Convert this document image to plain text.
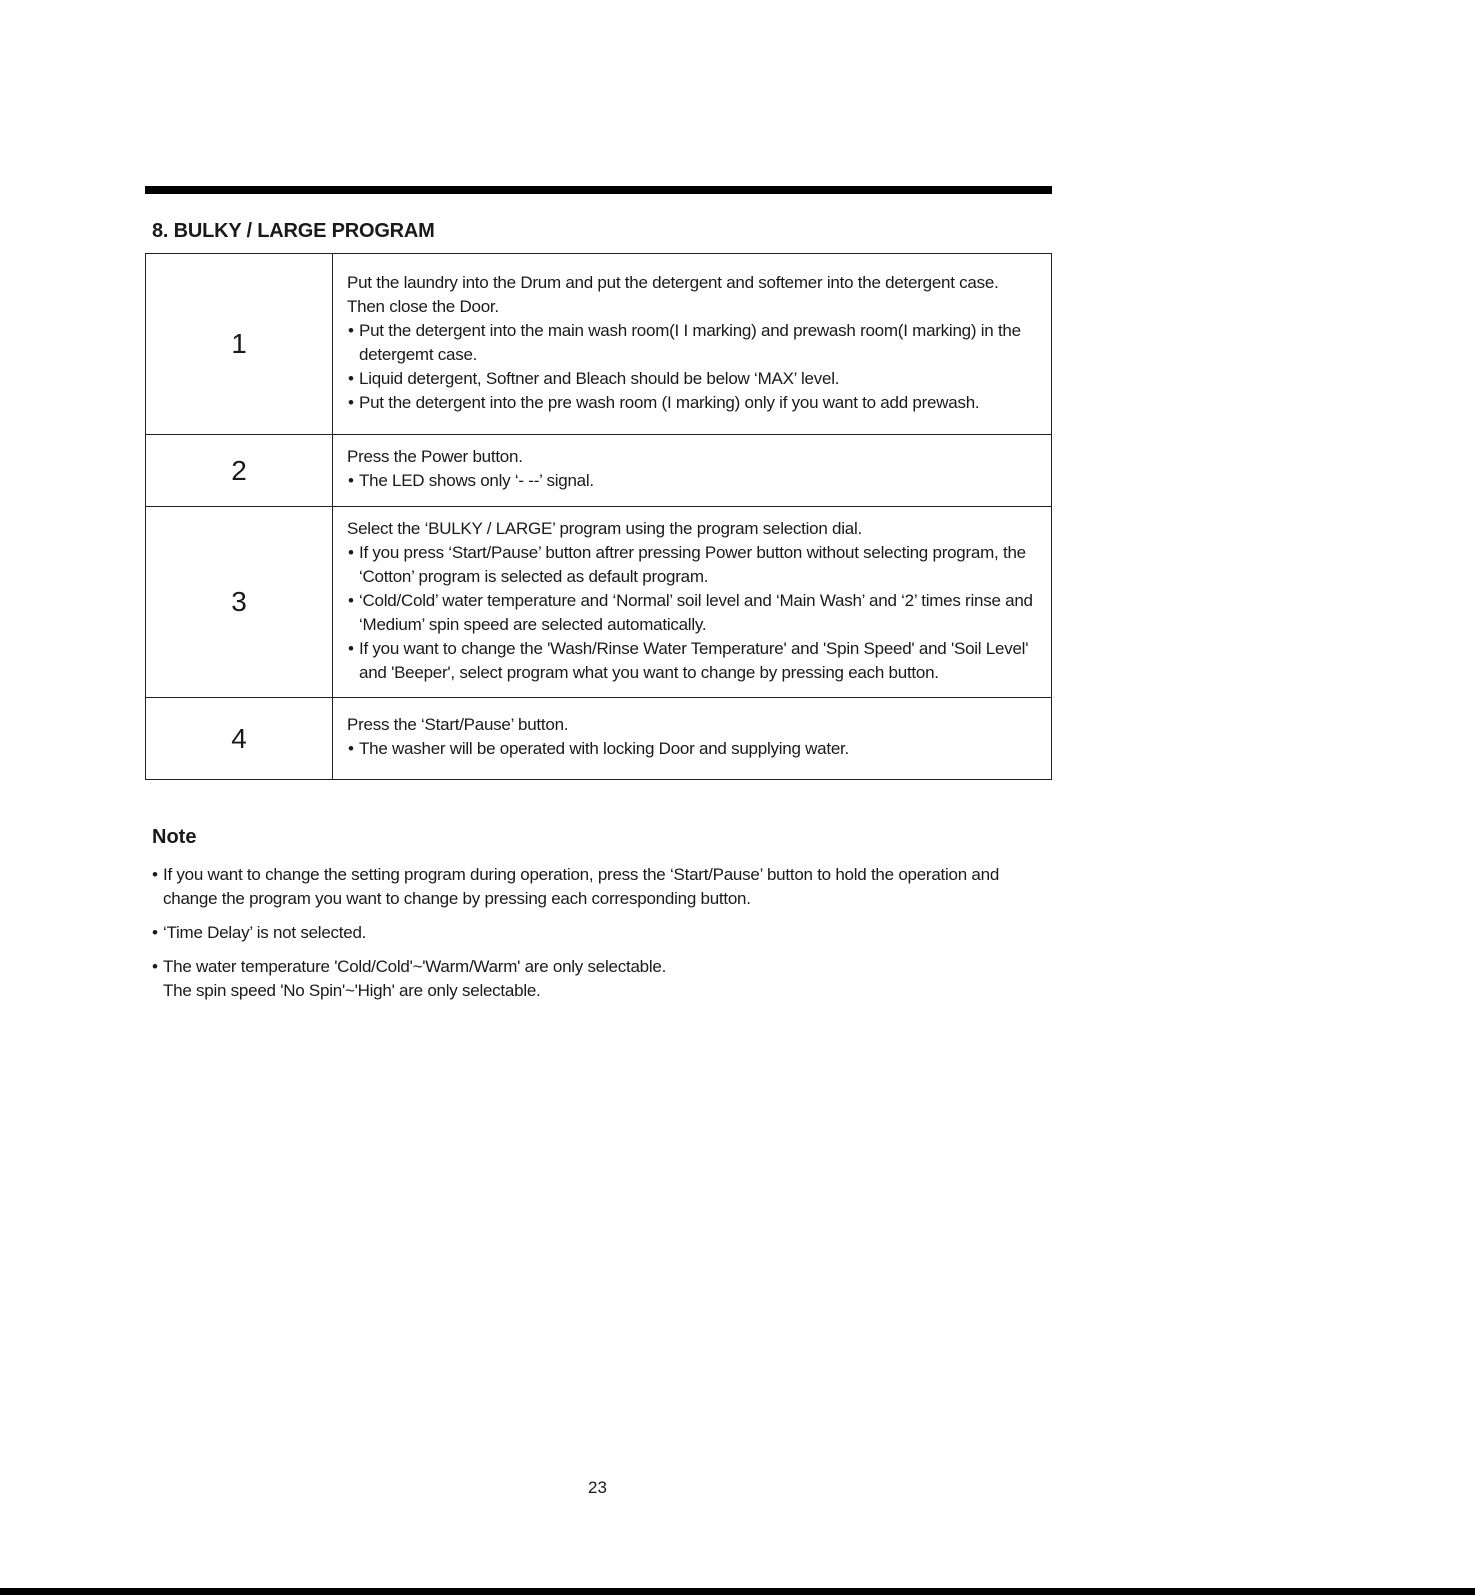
8. BULKY / LARGE PROGRAM
1	Put the laundry into the Drum and put the detergent and softemer into the detergent case.

Then close the Door.

• Put the detergent into the main wash room(I I marking) and prewash room(I marking) in the detergemt case.

• Liquid detergent, Softner and Bleach should be below ‘MAX’ level.

• Put the detergent into the pre wash room (I marking) only if you want to add prewash.

2	Press the Power button.

• The LED shows only ‘- --’ signal.

3	Select the ‘BULKY / LARGE’ program using the program selection dial.

• If you press ‘Start/Pause’ button aftrer pressing Power button without selecting program, the ‘Cotton’ program is selected as default program.

• ‘Cold/Cold’ water temperature and ‘Normal’ soil level and ‘Main Wash’ and ‘2’ times rinse and ‘Medium’ spin speed are selected automatically.

• If you want to change the 'Wash/Rinse Water Temperature' and 'Spin Speed' and 'Soil Level' and 'Beeper', select program what you want to change by pressing each button.

4	Press the ‘Start/Pause’ button.

• The washer will be operated with locking Door and supplying water.

Note

• If you want to change the setting program during operation, press the ‘Start/Pause’ button to hold the operation and change the program you want to change by pressing each corresponding button.

• ‘Time Delay’ is not selected.

• The water temperature 'Cold/Cold'~'Warm/Warm' are only selectable.
The spin speed 'No Spin'~'High' are only selectable.

23
